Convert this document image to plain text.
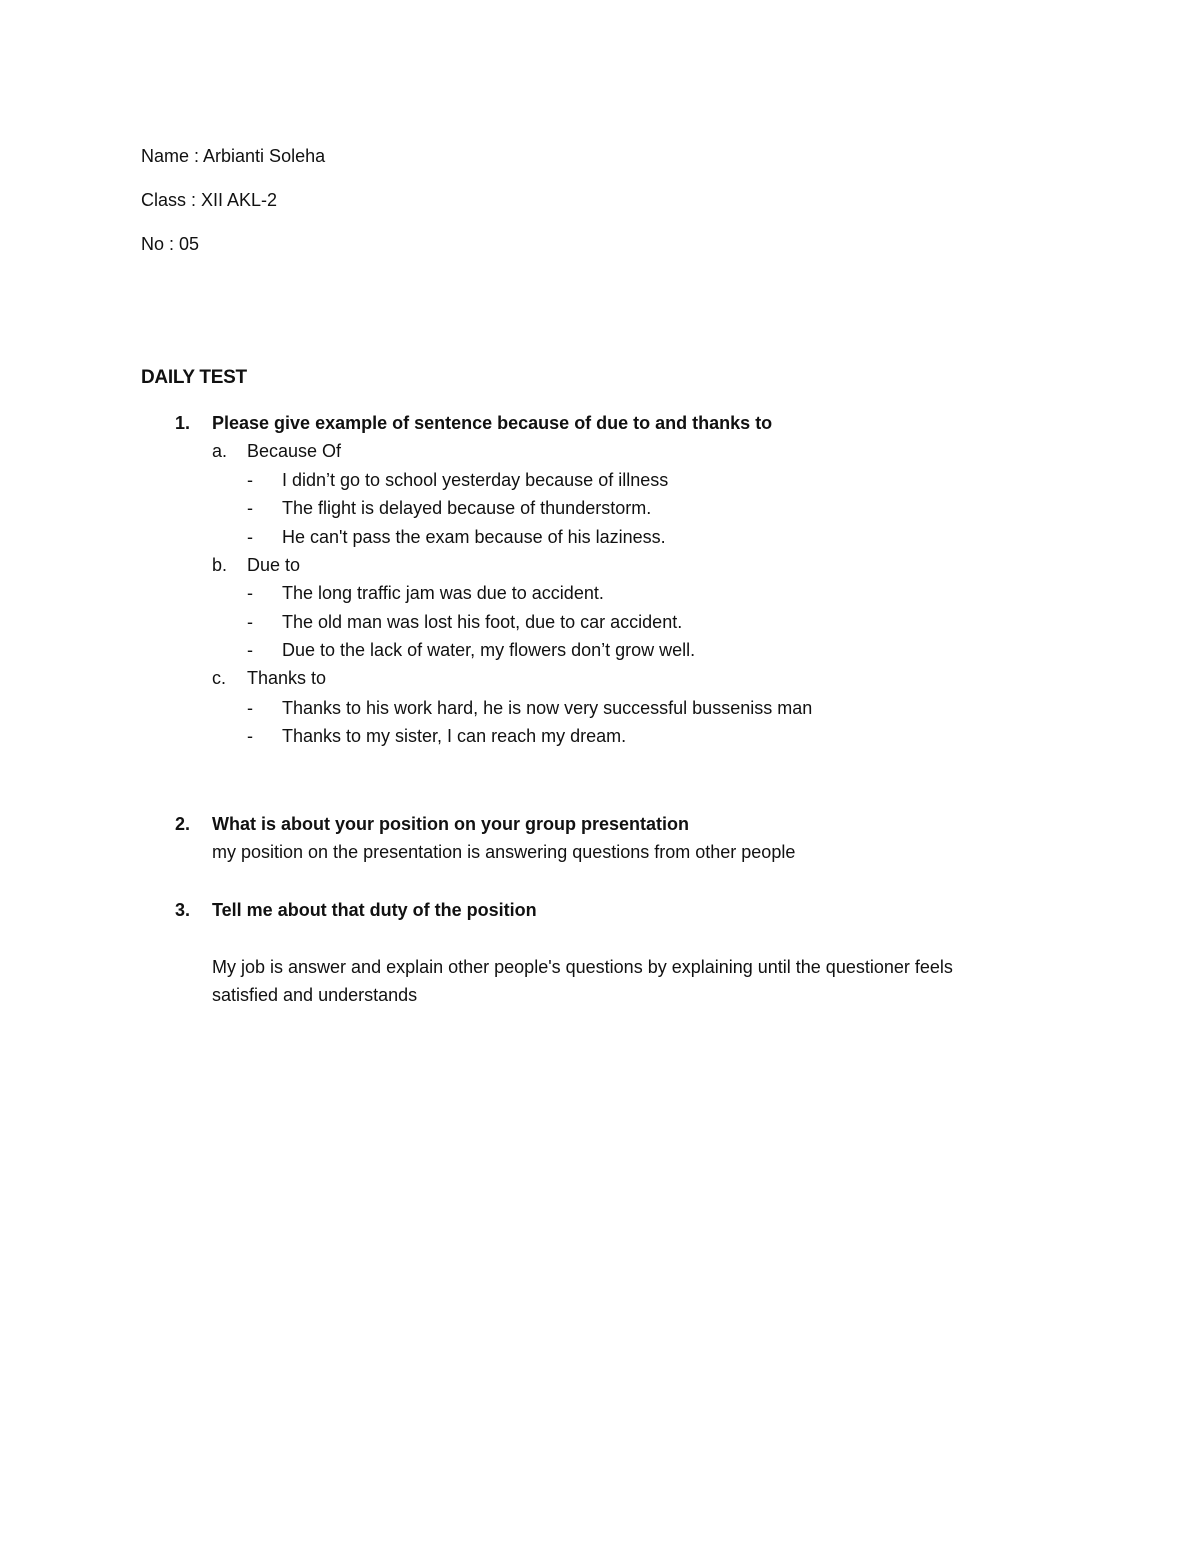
Name : Arbianti Soleha
Class : XII AKL-2
No : 05
DAILY TEST
1. Please give example of sentence because of due to and thanks to
a. Because Of
- I didn’t go to school yesterday because of illness
- The flight is delayed because of thunderstorm.
- He can't pass the exam because of his laziness.
b. Due to
- The long traffic jam was due to accident.
- The old man was lost his foot, due to car accident.
- Due to the lack of water, my flowers don’t grow well.
c. Thanks to
- Thanks to his work hard, he is now very successful busseniss man
- Thanks to my sister, I can reach my dream.
2. What is about your position on your group presentation
my position on the presentation is answering questions from other people
3. Tell me about that duty of the position
My job is answer and explain other people's questions by explaining until the questioner feels
satisfied and understands
